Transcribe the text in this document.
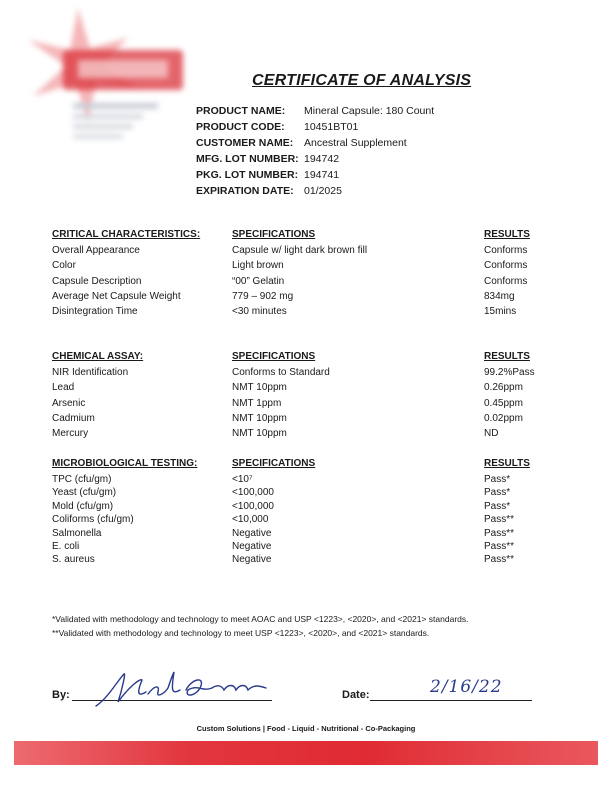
CERTIFICATE OF ANALYSIS
PRODUCT NAME: Mineral Capsule: 180 Count
PRODUCT CODE: 10451BT01
CUSTOMER NAME: Ancestral Supplement
MFG. LOT NUMBER: 194742
PKG. LOT NUMBER: 194741
EXPIRATION DATE: 01/2025
CRITICAL CHARACTERISTICS:	SPECIFICATIONS	RESULTS
Overall Appearance	Capsule w/ light dark brown fill	Conforms
Color	Light brown	Conforms
Capsule Description	“00” Gelatin	Conforms
Average Net Capsule Weight	779 – 902 mg	834mg
Disintegration Time	<30 minutes	15mins
CHEMICAL ASSAY:	SPECIFICATIONS	RESULTS
NIR Identification	Conforms to Standard	99.2%Pass
Lead	NMT 10ppm	0.26ppm
Arsenic	NMT 1ppm	0.45ppm
Cadmium	NMT 10ppm	0.02ppm
Mercury	NMT 10ppm	ND
MICROBIOLOGICAL TESTING:	SPECIFICATIONS	RESULTS
TPC (cfu/gm)	<10⁷	Pass*
Yeast (cfu/gm)	<100,000	Pass*
Mold (cfu/gm)	<100,000	Pass*
Coliforms (cfu/gm)	<10,000	Pass**
Salmonella	Negative	Pass**
E. coli	Negative	Pass**
S. aureus	Negative	Pass**
*Validated with methodology and technology to meet AOAC and USP <1223>, <2020>, and <2021> standards.
**Validated with methodology and technology to meet USP <1223>, <2020>, and <2021> standards.
By:	Date:	2/16/22
Custom Solutions | Food - Liquid - Nutritional - Co-Packaging
